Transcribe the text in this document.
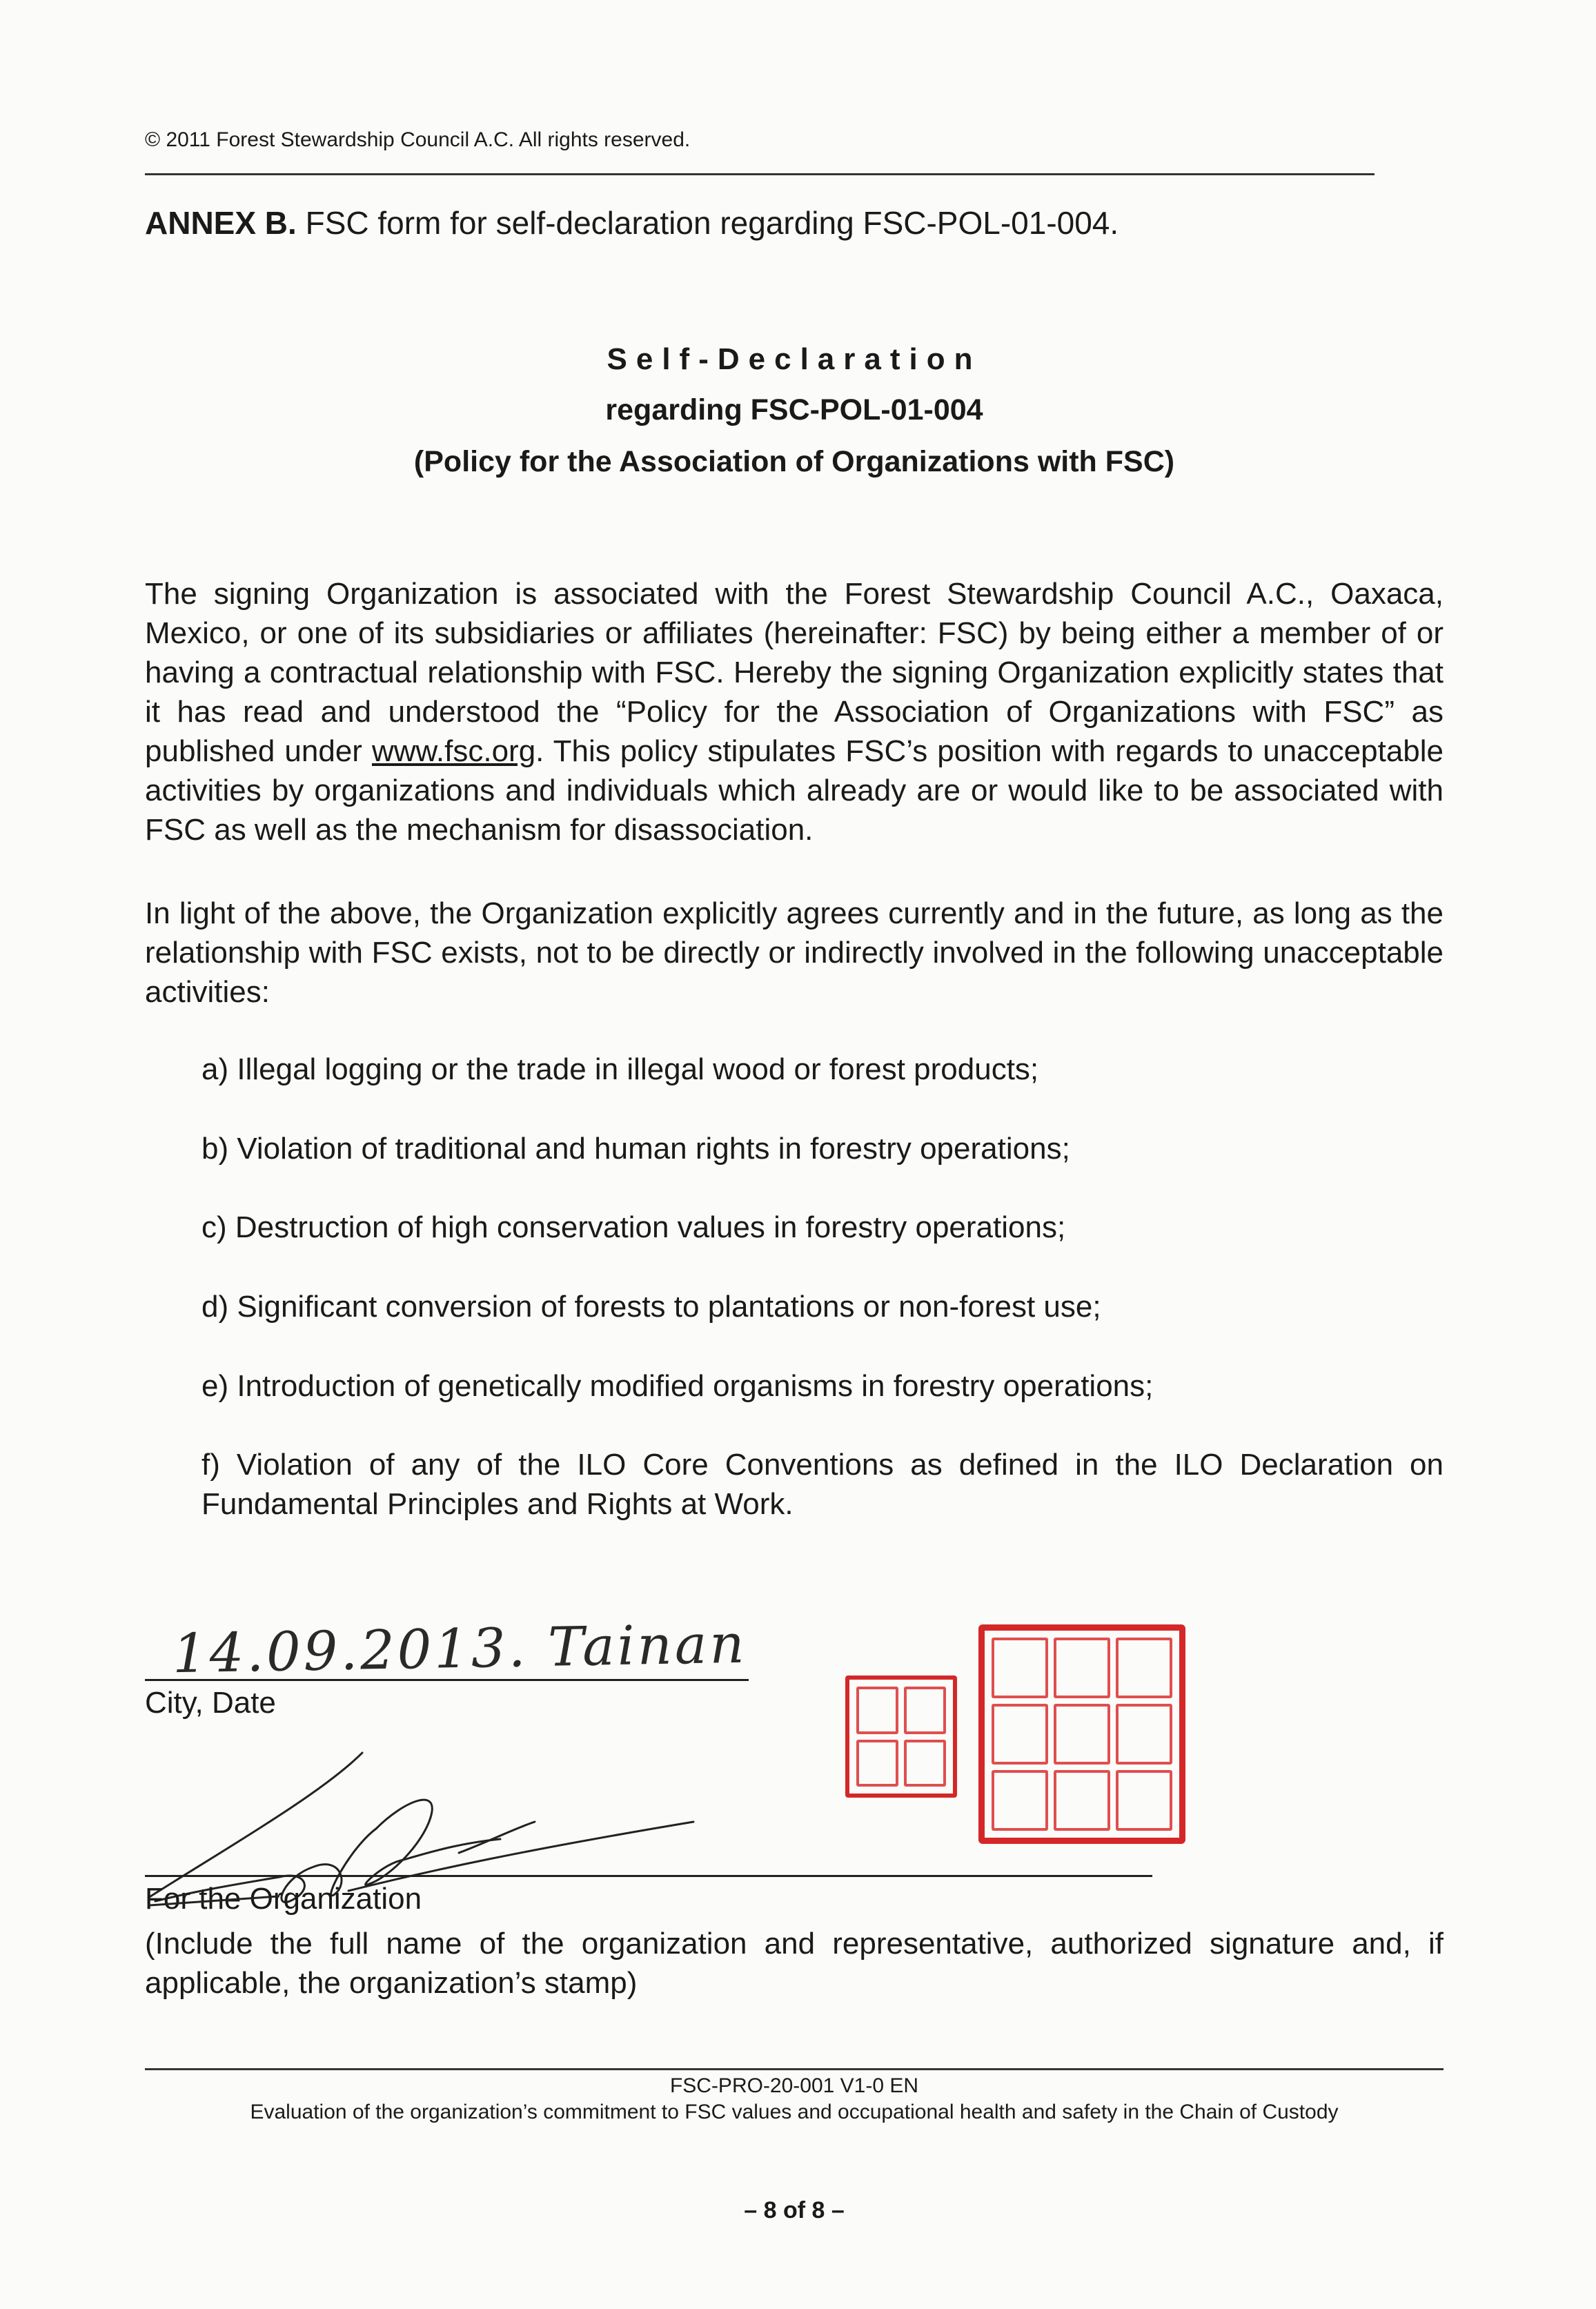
© 2011 Forest Stewardship Council A.C. All rights reserved.
ANNEX B. FSC form for self-declaration regarding FSC-POL-01-004.
Self-Declaration
regarding FSC-POL-01-004
(Policy for the Association of Organizations with FSC)
The signing Organization is associated with the Forest Stewardship Council A.C., Oaxaca, Mexico, or one of its subsidiaries or affiliates (hereinafter: FSC) by being either a member of or having a contractual relationship with FSC. Hereby the signing Organization explicitly states that it has read and understood the “Policy for the Association of Organizations with FSC” as published under www.fsc.org. This policy stipulates FSC’s position with regards to unacceptable activities by organizations and individuals which already are or would like to be associated with FSC as well as the mechanism for disassociation.
In light of the above, the Organization explicitly agrees currently and in the future, as long as the relationship with FSC exists, not to be directly or indirectly involved in the following unacceptable activities:
a) Illegal logging or the trade in illegal wood or forest products;
b) Violation of traditional and human rights in forestry operations;
c) Destruction of high conservation values in forestry operations;
d) Significant conversion of forests to plantations or non-forest use;
e) Introduction of genetically modified organisms in forestry operations;
f) Violation of any of the ILO Core Conventions as defined in the ILO Declaration on Fundamental Principles and Rights at Work.
14.09.2013. Tainan
City, Date
For the Organization
(Include the full name of the organization and representative, authorized signature and, if applicable, the organization’s stamp)
FSC-PRO-20-001 V1-0 EN
Evaluation of the organization’s commitment to FSC values and occupational health and safety in the Chain of Custody
– 8 of 8 –
